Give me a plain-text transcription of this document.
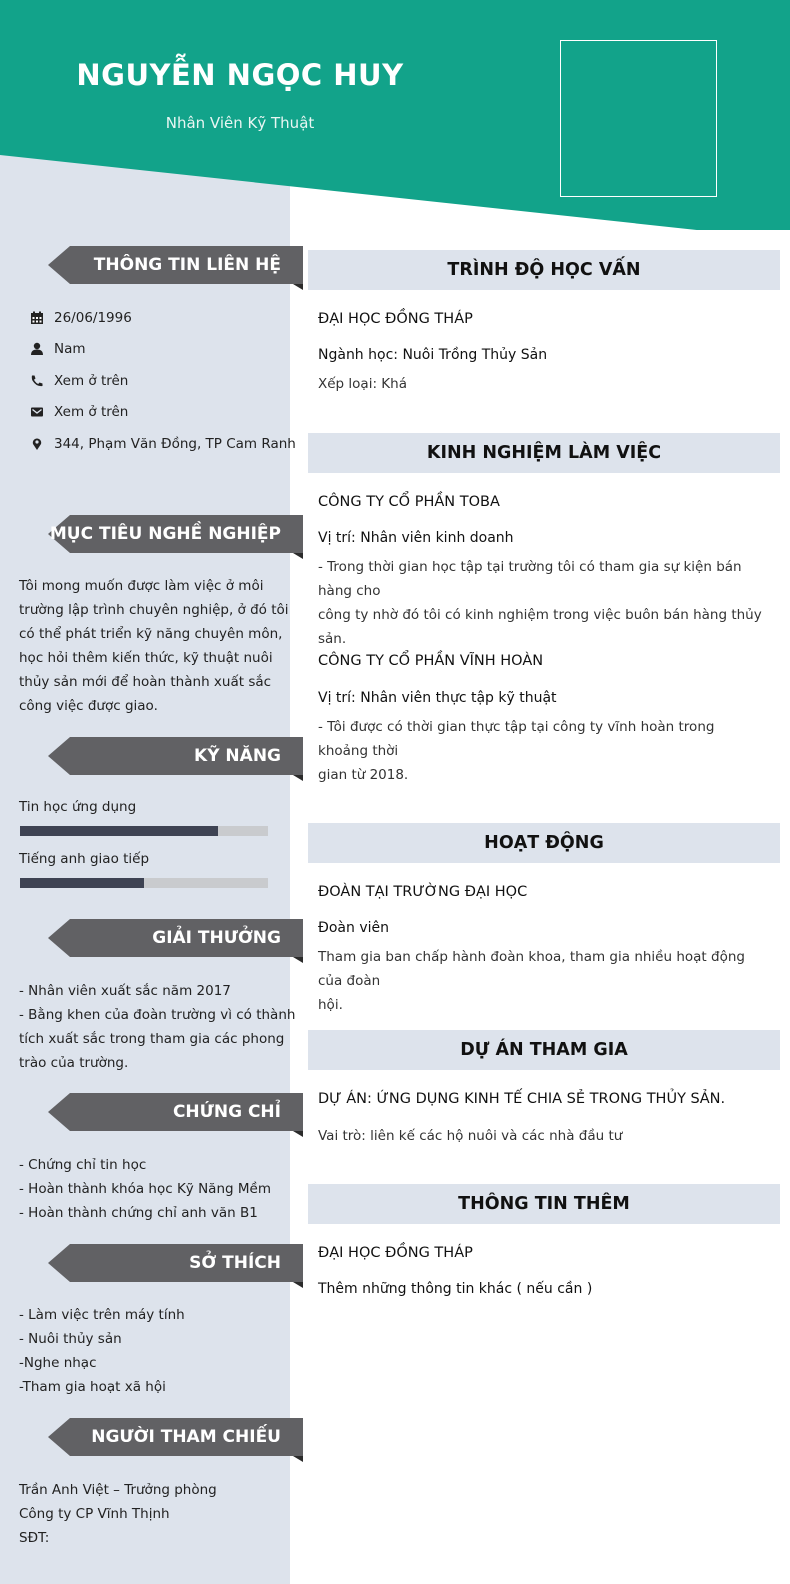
NGUYỄN NGỌC HUY
Nhân Viên Kỹ Thuật
THÔNG TIN LIÊN HỆ
26/06/1996
Nam
Xem ở trên
Xem ở trên
344, Phạm Văn Đồng, TP Cam Ranh
MỤC TIÊU NGHỀ NGHIỆP
Tôi mong muốn được làm việc ở môi
trường lập trình chuyên nghiệp, ở đó tôi
có thể phát triển kỹ năng chuyên môn,
học hỏi thêm kiến thức, kỹ thuật nuôi
thủy sản mới để hoàn thành xuất sắc
công việc được giao.
KỸ NĂNG
Tin học ứng dụng
Tiếng anh giao tiếp
GIẢI THƯỞNG
- Nhân viên xuất sắc năm 2017
- Bằng khen của đoàn trường vì có thành
tích xuất sắc trong tham gia các phong
trào của trường.
CHỨNG CHỈ
- Chứng chỉ tin học
- Hoàn thành khóa học Kỹ Năng Mềm
- Hoàn thành chứng chỉ anh văn B1
SỞ THÍCH
- Làm việc trên máy tính
- Nuôi thủy sản
-Nghe nhạc
-Tham gia hoạt xã hội
NGƯỜI THAM CHIẾU
Trần Anh Việt – Trưởng phòng
Công ty CP Vĩnh Thịnh
SĐT:
TRÌNH ĐỘ HỌC VẤN
ĐẠI HỌC ĐỒNG THÁP
Ngành học: Nuôi Trồng Thủy Sản
Xếp loại: Khá
KINH NGHIỆM LÀM VIỆC
CÔNG TY CỔ PHẦN TOBA
Vị trí: Nhân viên kinh doanh
- Trong thời gian học tập tại trường tôi có tham gia sự kiện bán hàng cho
công ty nhờ đó tôi có kinh nghiệm trong việc buôn bán hàng thủy sản.
CÔNG TY CỔ PHẦN VĨNH HOÀN
Vị trí: Nhân viên thực tập kỹ thuật
- Tôi được có thời gian thực tập tại công ty vĩnh hoàn trong khoảng thời
gian từ 2018.
HOẠT ĐỘNG
ĐOÀN TẠI TRƯỜNG ĐẠI HỌC
Đoàn viên
Tham gia ban chấp hành đoàn khoa, tham gia nhiều hoạt động của đoàn
hội.
DỰ ÁN THAM GIA
DỰ ÁN: ỨNG DỤNG KINH TẾ CHIA SẺ TRONG THỦY SẢN.
Vai trò: liên kế các hộ nuôi và các nhà đầu tư
THÔNG TIN THÊM
ĐẠI HỌC ĐỒNG THÁP
Thêm những thông tin khác ( nếu cần )
